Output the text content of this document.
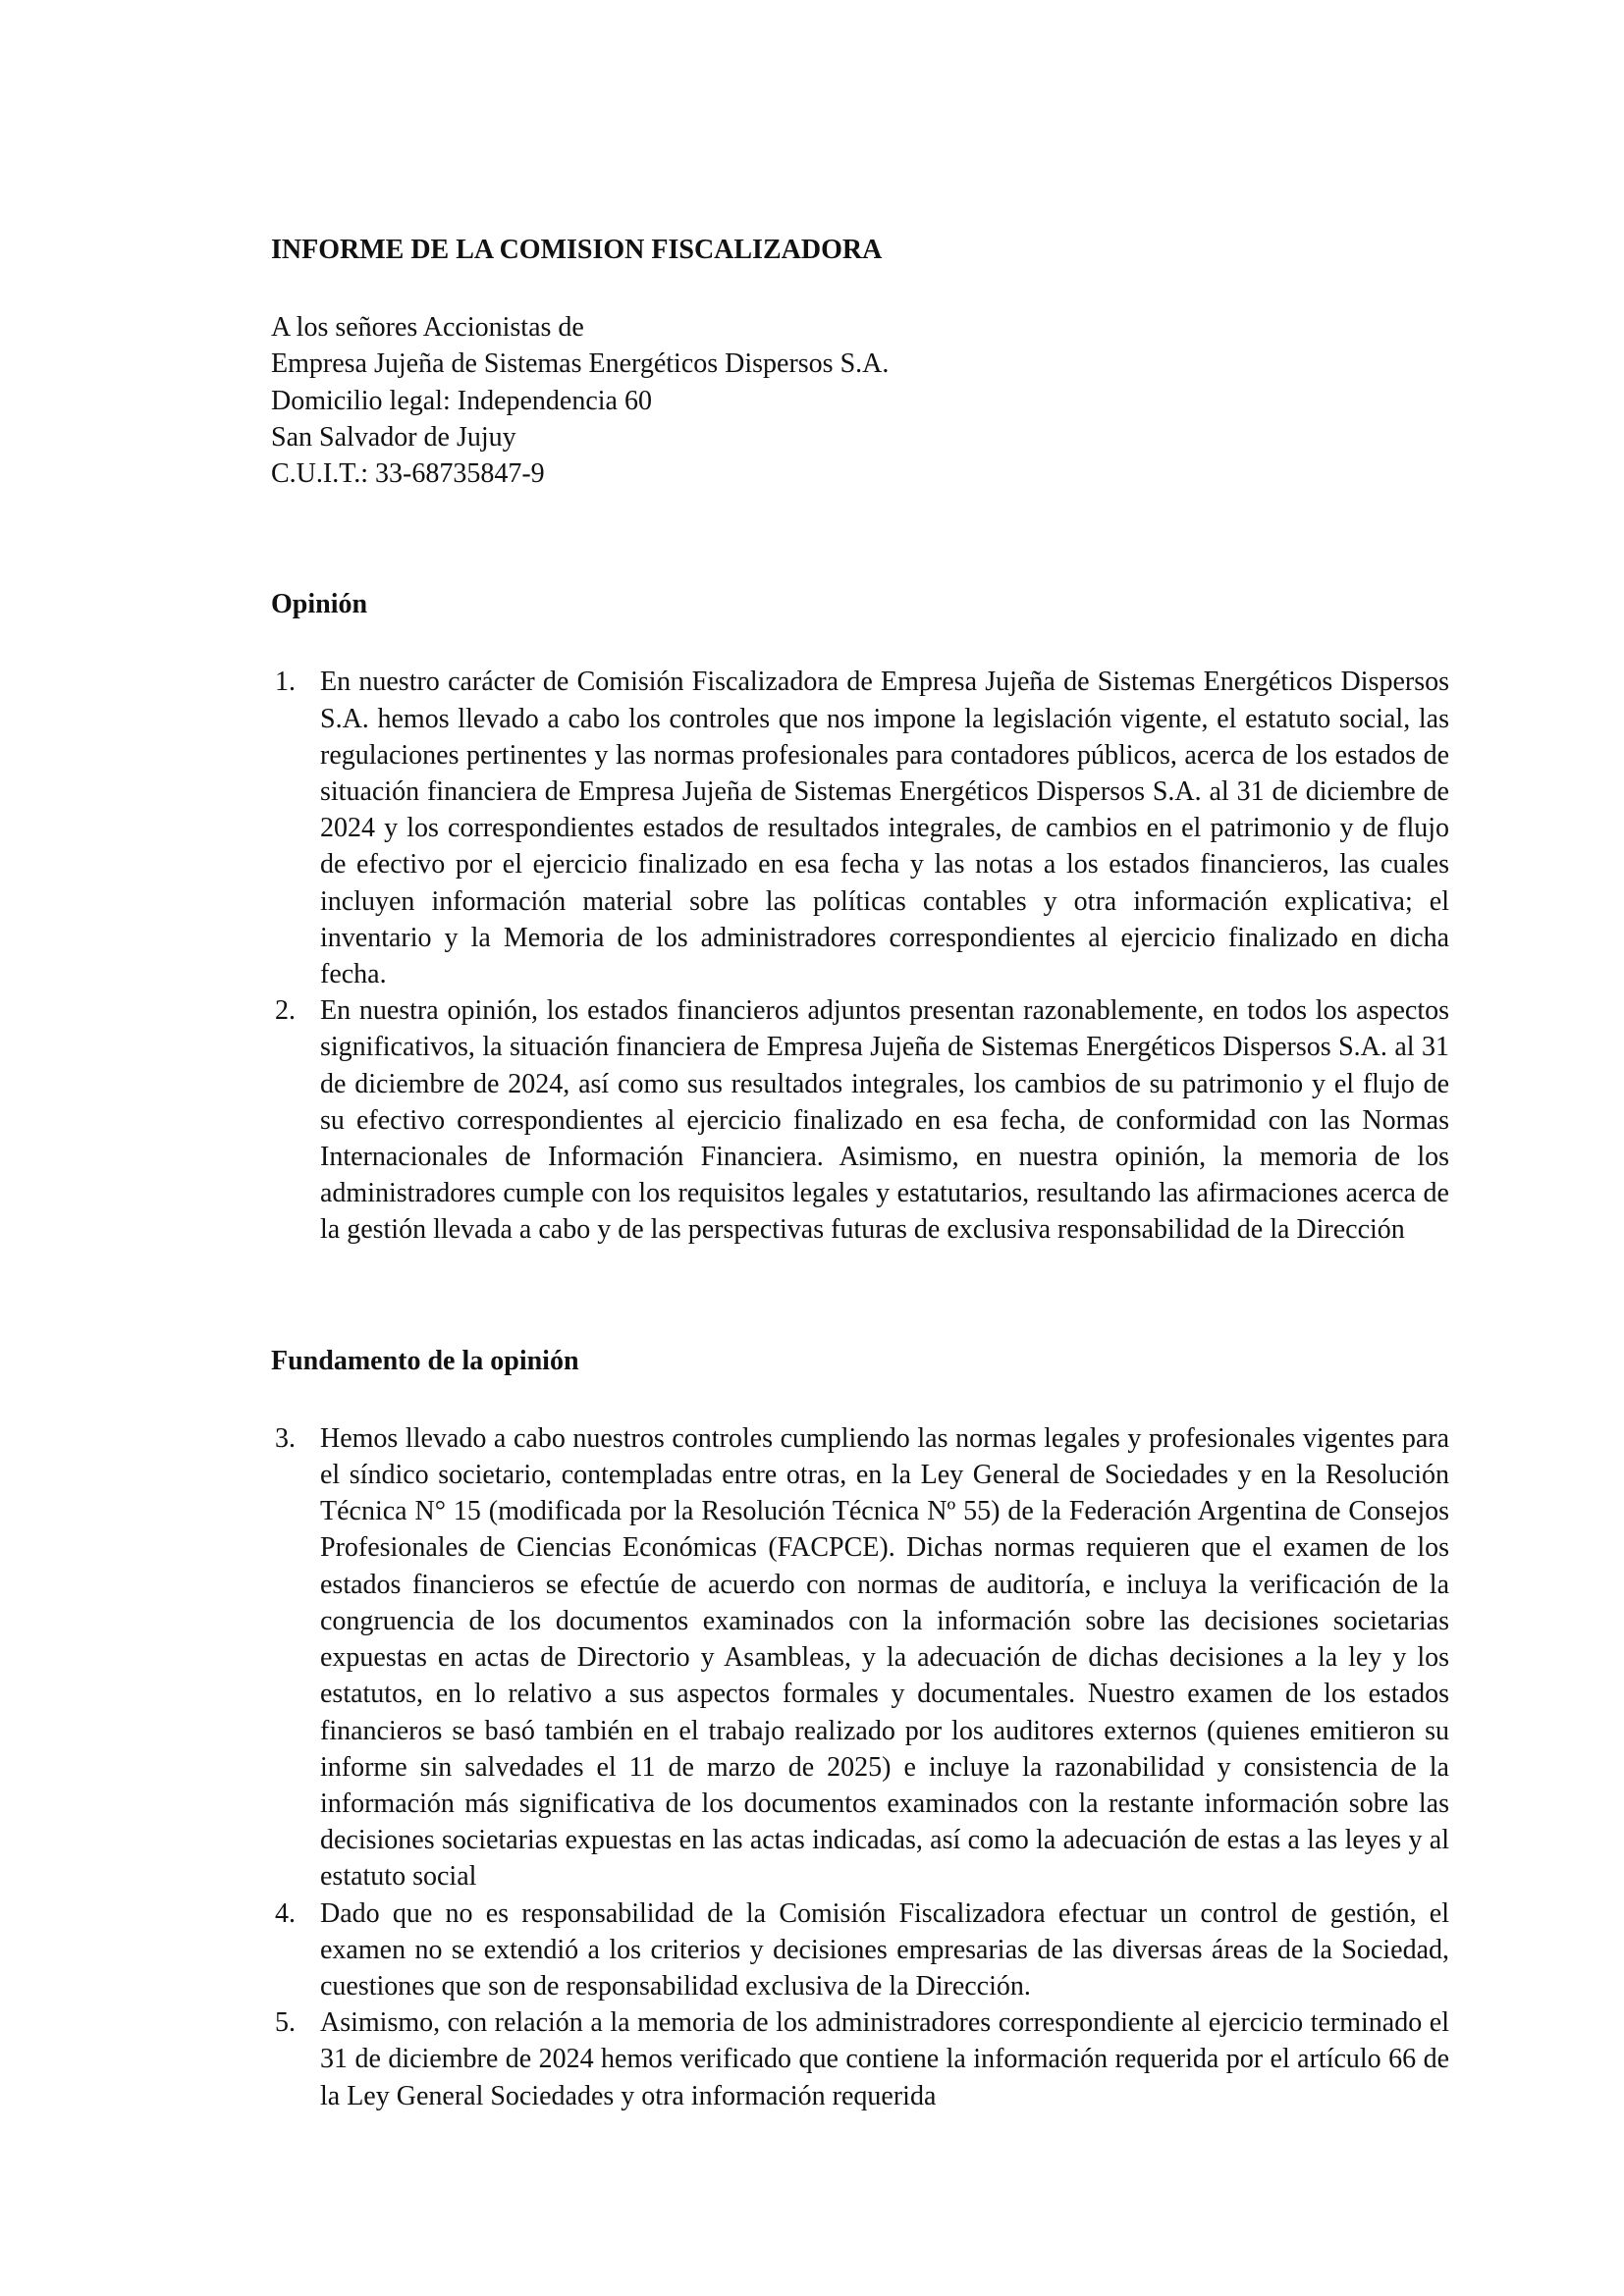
INFORME DE LA COMISION FISCALIZADORA
A los señores Accionistas de
Empresa Jujeña de Sistemas Energéticos Dispersos S.A.
Domicilio legal: Independencia 60
San Salvador de Jujuy
C.U.I.T.: 33-68735847-9
Opinión
1. En nuestro carácter de Comisión Fiscalizadora de Empresa Jujeña de Sistemas Energéticos Dispersos S.A. hemos llevado a cabo los controles que nos impone la legislación vigente, el estatuto social, las regulaciones pertinentes y las normas profesionales para contadores públicos, acerca de los estados de situación financiera de Empresa Jujeña de Sistemas Energéticos Dispersos S.A. al 31 de diciembre de 2024 y los correspondientes estados de resultados integrales, de cambios en el patrimonio y de flujo de efectivo por el ejercicio finalizado en esa fecha y las notas a los estados financieros, las cuales incluyen información material sobre las políticas contables y otra información explicativa; el inventario y la Memoria de los administradores correspondientes al ejercicio finalizado en dicha fecha.
2. En nuestra opinión, los estados financieros adjuntos presentan razonablemente, en todos los aspectos significativos, la situación financiera de Empresa Jujeña de Sistemas Energéticos Dispersos S.A. al 31 de diciembre de 2024, así como sus resultados integrales, los cambios de su patrimonio y el flujo de su efectivo correspondientes al ejercicio finalizado en esa fecha, de conformidad con las Normas Internacionales de Información Financiera. Asimismo, en nuestra opinión, la memoria de los administradores cumple con los requisitos legales y estatutarios, resultando las afirmaciones acerca de la gestión llevada a cabo y de las perspectivas futuras de exclusiva responsabilidad de la Dirección
Fundamento de la opinión
3. Hemos llevado a cabo nuestros controles cumpliendo las normas legales y profesionales vigentes para el síndico societario, contempladas entre otras, en la Ley General de Sociedades y en la Resolución Técnica N° 15 (modificada por la Resolución Técnica Nº 55) de la Federación Argentina de Consejos Profesionales de Ciencias Económicas (FACPCE). Dichas normas requieren que el examen de los estados financieros se efectúe de acuerdo con normas de auditoría, e incluya la verificación de la congruencia de los documentos examinados con la información sobre las decisiones societarias expuestas en actas de Directorio y Asambleas, y la adecuación de dichas decisiones a la ley y los estatutos, en lo relativo a sus aspectos formales y documentales. Nuestro examen de los estados financieros se basó también en el trabajo realizado por los auditores externos (quienes emitieron su informe sin salvedades el 11 de marzo de 2025) e incluye la razonabilidad y consistencia de la información más significativa de los documentos examinados con la restante información sobre las decisiones societarias expuestas en las actas indicadas, así como la adecuación de estas a las leyes y al estatuto social
4. Dado que no es responsabilidad de la Comisión Fiscalizadora efectuar un control de gestión, el examen no se extendió a los criterios y decisiones empresarias de las diversas áreas de la Sociedad, cuestiones que son de responsabilidad exclusiva de la Dirección.
5. Asimismo, con relación a la memoria de los administradores correspondiente al ejercicio terminado el 31 de diciembre de 2024 hemos verificado que contiene la información requerida por el artículo 66 de la Ley General Sociedades y otra información requerida
